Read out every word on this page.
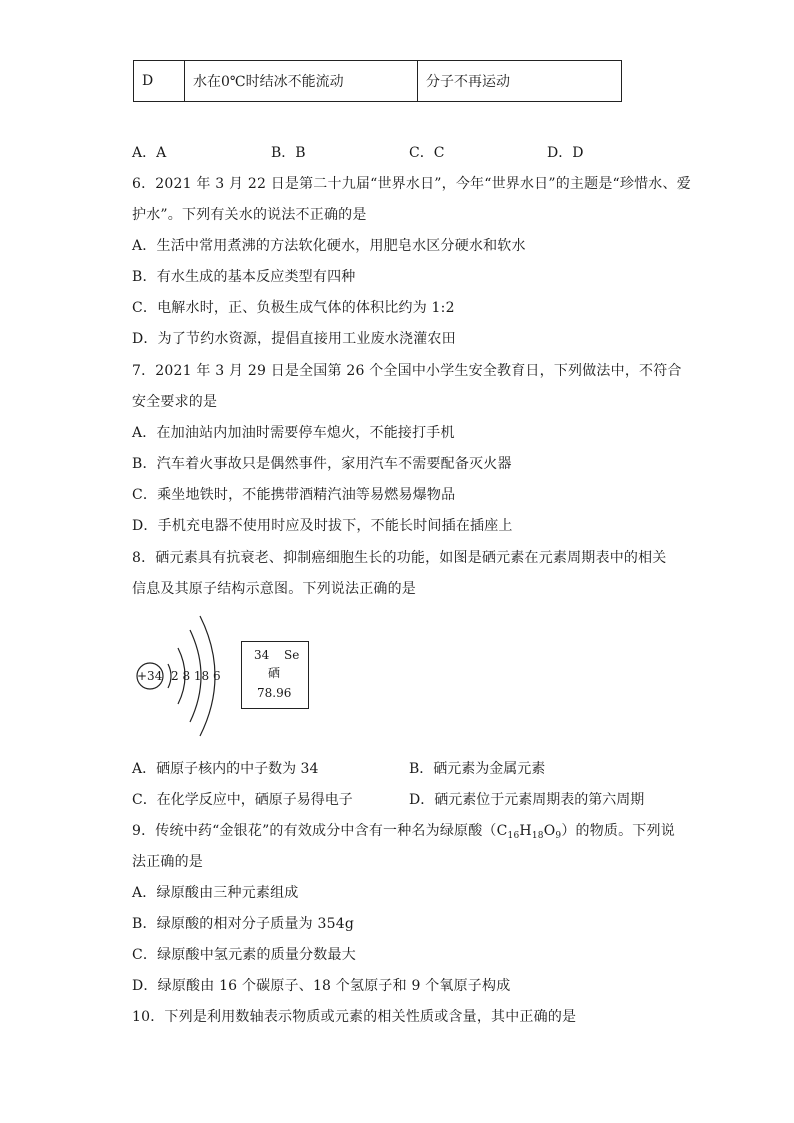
D	水在0℃时结冰不能流动	分子不再运动
A．A	B．B	C．C	D．D
6．2021 年 3 月 22 日是第二十九届“世界水日”，今年“世界水日”的主题是“珍惜水、爱
护水”。下列有关水的说法不正确的是
A．生活中常用煮沸的方法软化硬水，用肥皂水区分硬水和软水
B．有水生成的基本反应类型有四种
C．电解水时，正、负极生成气体的体积比约为 1:2
D．为了节约水资源，提倡直接用工业废水浇灌农田
7．2021 年 3 月 29 日是全国第 26 个全国中小学生安全教育日，下列做法中，不符合
安全要求的是
A．在加油站内加油时需要停车熄火，不能接打手机
B．汽车着火事故只是偶然事件，家用汽车不需要配备灭火器
C．乘坐地铁时，不能携带酒精汽油等易燃易爆物品
D．手机充电器不使用时应及时拔下，不能长时间插在插座上
8．硒元素具有抗衰老、抑制癌细胞生长的功能，如图是硒元素在元素周期表中的相关
信息及其原子结构示意图。下列说法正确的是
+34 2 8 18 6
34 Se
硒
78.96
A．硒原子核内的中子数为 34	B．硒元素为金属元素
C．在化学反应中，硒原子易得电子	D．硒元素位于元素周期表的第六周期
9．传统中药“金银花”的有效成分中含有一种名为绿原酸$(C_{16}H_{18}O_9)$的物质。下列说
法正确的是
A．绿原酸由三种元素组成
B．绿原酸的相对分子质量为 354g
C．绿原酸中氢元素的质量分数最大
D．绿原酸由 16 个碳原子、18 个氢原子和 9 个氧原子构成
10．下列是利用数轴表示物质或元素的相关性质或含量，其中正确的是
